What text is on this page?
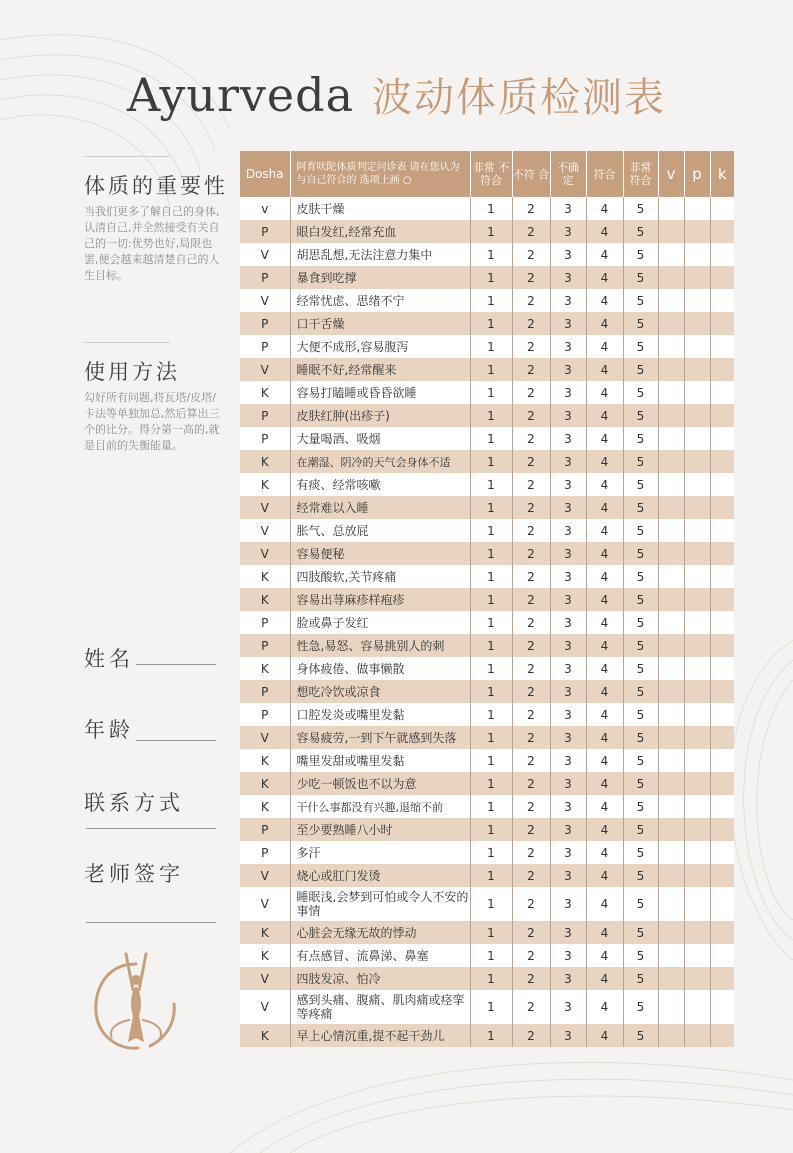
Ayurveda 波动体质检测表
体质的重要性
当我们更多了解自己的身体,认清自己,并全然接受有关自己的一切:优势也好,局限也罢,便会越来越清楚自己的人生目标。
使用方法
勾好所有问题,将瓦塔/皮塔/卡法等单独加总,然后算出三个的比分。得分第一高的,就是目前的失衡能量。
姓名
年龄
联系方式
老师签字
Dosha	阿育吠陀体质判定问诊表 请在您认为与自己符合的 选项上画 ○	非常 不符合	不符 合	不确 定	符合	非常 符合	v	p	k
v	皮肤干燥	1	2	3	4	5			
P	眼白发红,经常充血	1	2	3	4	5			
V	胡思乱想,无法注意力集中	1	2	3	4	5			
P	暴食到吃撑	1	2	3	4	5			
V	经常忧虑、思绪不宁	1	2	3	4	5			
P	口干舌燥	1	2	3	4	5			
P	大便不成形,容易腹泻	1	2	3	4	5			
V	睡眠不好,经常醒来	1	2	3	4	5			
K	容易打瞌睡或昏昏欲睡	1	2	3	4	5			
P	皮肤红肿(出疹子)	1	2	3	4	5			
P	大量喝酒、吸烟	1	2	3	4	5			
K	在潮湿、阴冷的天气会身体不适	1	2	3	4	5			
K	有痰、经常咳嗽	1	2	3	4	5			
V	经常难以入睡	1	2	3	4	5			
V	胀气、总放屁	1	2	3	4	5			
V	容易便秘	1	2	3	4	5			
K	四肢酸软,关节疼痛	1	2	3	4	5			
K	容易出荨麻疹样疱疹	1	2	3	4	5			
P	脸或鼻子发红	1	2	3	4	5			
P	性急,易怒、容易挑别人的刺	1	2	3	4	5			
K	身体疲倦、做事懒散	1	2	3	4	5			
P	想吃冷饮或凉食	1	2	3	4	5			
P	口腔发炎或嘴里发黏	1	2	3	4	5			
V	容易疲劳,一到下午就感到失落	1	2	3	4	5			
K	嘴里发甜或嘴里发黏	1	2	3	4	5			
K	少吃一顿饭也不以为意	1	2	3	4	5			
K	干什么事都没有兴趣,退缩不前	1	2	3	4	5			
P	至少要熟睡八小时	1	2	3	4	5			
P	多汗	1	2	3	4	5			
V	烧心或肛门发烫	1	2	3	4	5			
V	睡眠浅,会梦到可怕或令人不安的事情	1	2	3	4	5			
K	心脏会无缘无故的悸动	1	2	3	4	5			
K	有点感冒、流鼻涕、鼻塞	1	2	3	4	5			
V	四肢发凉、怕冷	1	2	3	4	5			
V	感到头痛、腹痛、肌肉痛或痉挛等疼痛	1	2	3	4	5			
K	早上心情沉重,提不起干劲儿	1	2	3	4	5			
